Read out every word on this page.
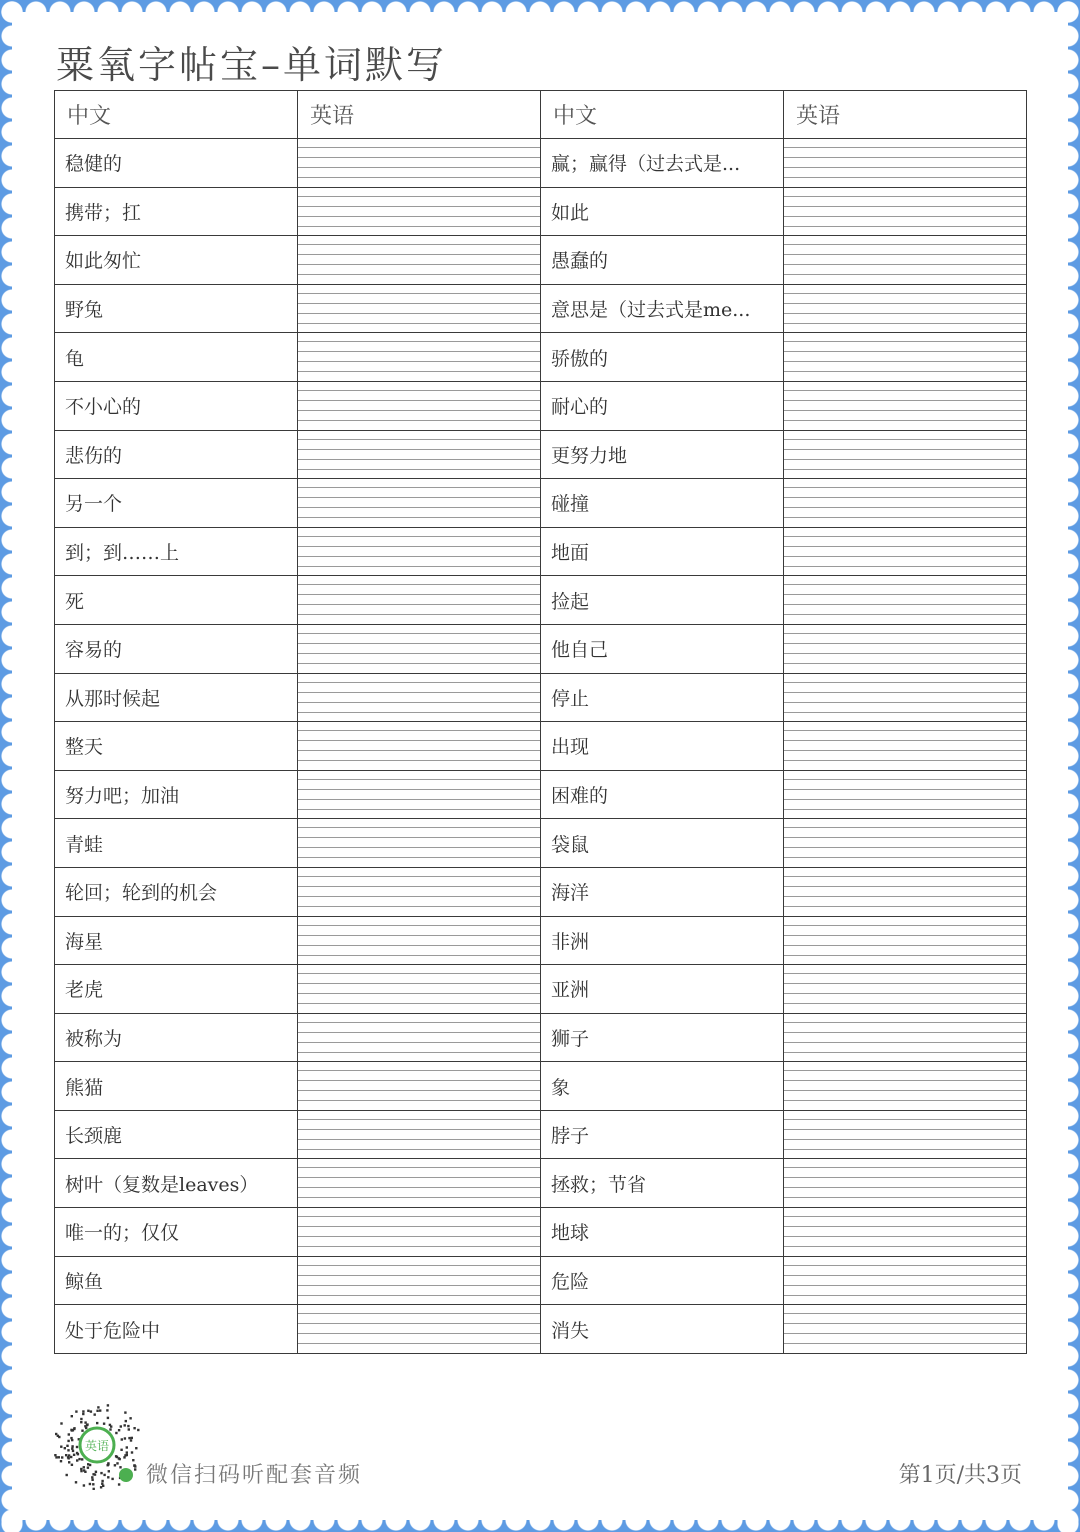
粟氧字帖宝–单词默写
中文	英语	中文	英语
稳健的		赢；赢得（过去式是...	
携带；扛		如此	
如此匆忙		愚蠢的	
野兔		意思是（过去式是me...	
龟		骄傲的	
不小心的		耐心的	
悲伤的		更努力地	
另一个		碰撞	
到；到……上		地面	
死		捡起	
容易的		他自己	
从那时候起		停止	
整天		出现	
努力吧；加油		困难的	
青蛙		袋鼠	
轮回；轮到的机会		海洋	
海星		非洲	
老虎		亚洲	
被称为		狮子	
熊猫		象	
长颈鹿		脖子	
树叶（复数是leaves）		拯救；节省	
唯一的；仅仅		地球	
鲸鱼		危险	
处于危险中		消失	
英语
微信扫码听配套音频	第1页/共3页
